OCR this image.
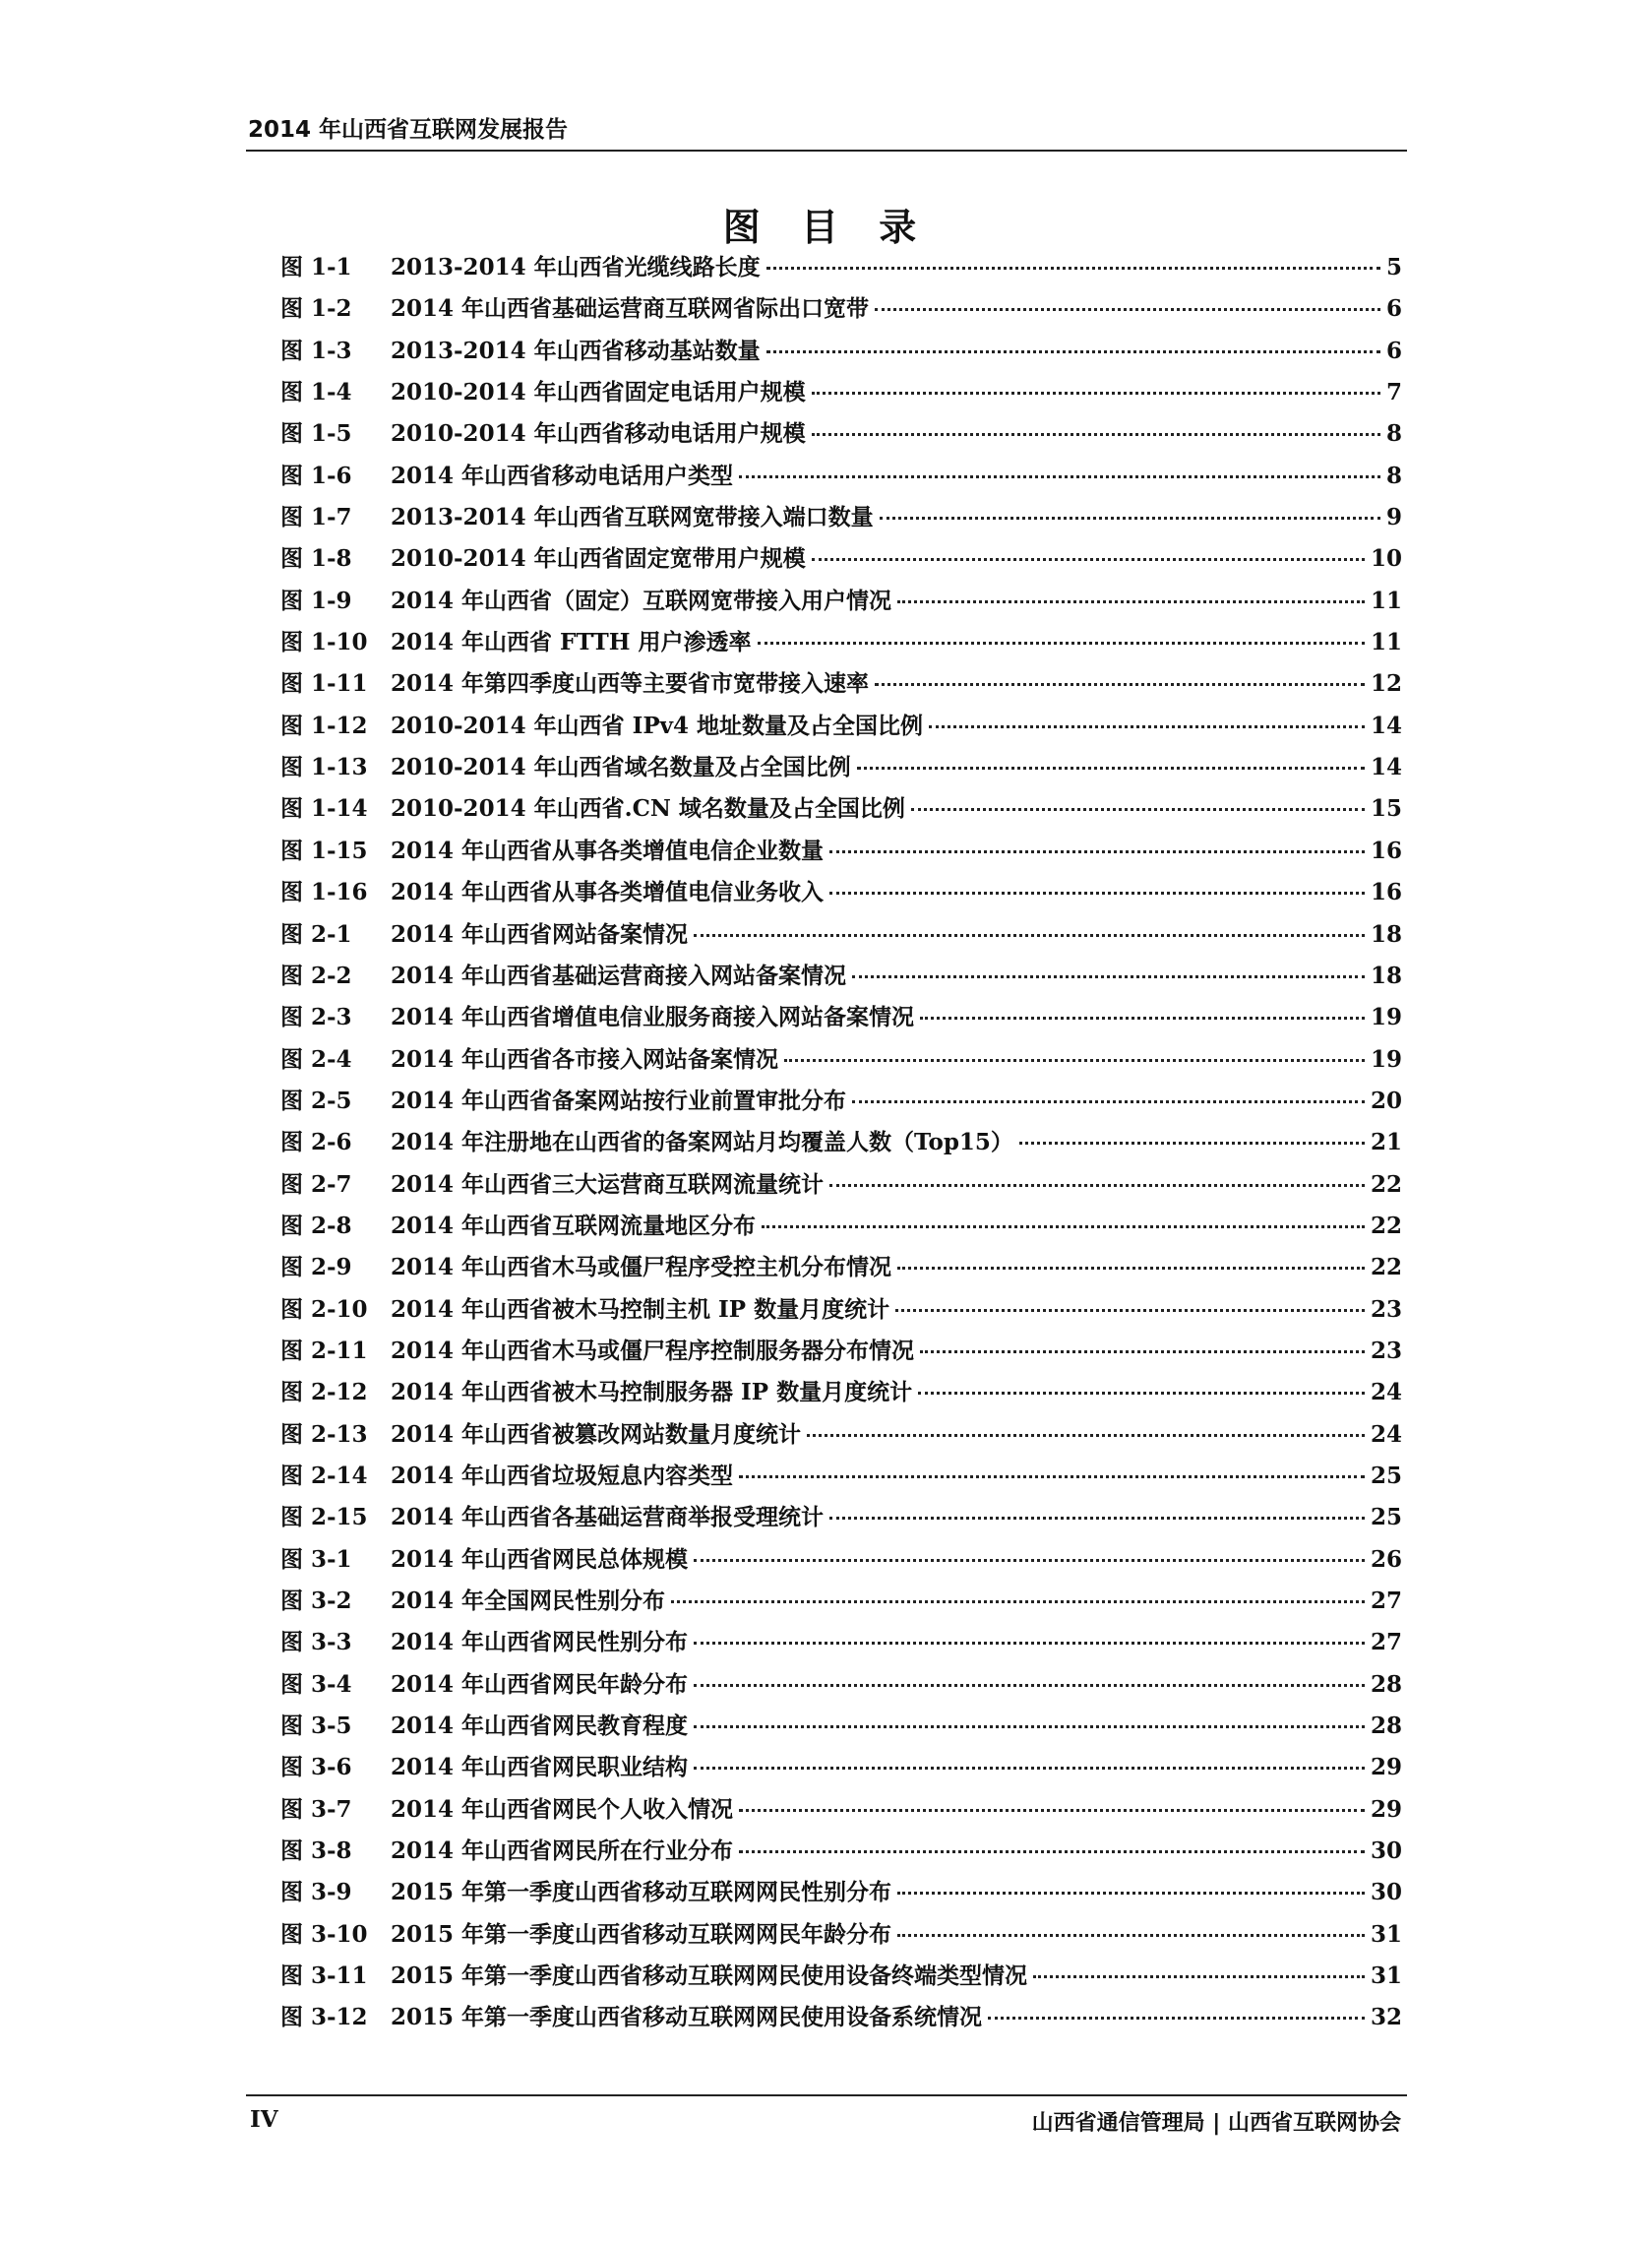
2014 年山西省互联网发展报告
图 目 录
图 1-1	2013-2014 年山西省光缆线路长度	5
图 1-2	2014 年山西省基础运营商互联网省际出口宽带	6
图 1-3	2013-2014 年山西省移动基站数量	6
图 1-4	2010-2014 年山西省固定电话用户规模	7
图 1-5	2010-2014 年山西省移动电话用户规模	8
图 1-6	2014 年山西省移动电话用户类型	8
图 1-7	2013-2014 年山西省互联网宽带接入端口数量	9
图 1-8	2010-2014 年山西省固定宽带用户规模	10
图 1-9	2014 年山西省（固定）互联网宽带接入用户情况	11
图 1-10	2014 年山西省 FTTH 用户渗透率	11
图 1-11	2014 年第四季度山西等主要省市宽带接入速率	12
图 1-12	2010-2014 年山西省 IPv4 地址数量及占全国比例	14
图 1-13	2010-2014 年山西省域名数量及占全国比例	14
图 1-14	2010-2014 年山西省.CN 域名数量及占全国比例	15
图 1-15	2014 年山西省从事各类增值电信企业数量	16
图 1-16	2014 年山西省从事各类增值电信业务收入	16
图 2-1	2014 年山西省网站备案情况	18
图 2-2	2014 年山西省基础运营商接入网站备案情况	18
图 2-3	2014 年山西省增值电信业服务商接入网站备案情况	19
图 2-4	2014 年山西省各市接入网站备案情况	19
图 2-5	2014 年山西省备案网站按行业前置审批分布	20
图 2-6	2014 年注册地在山西省的备案网站月均覆盖人数（Top15）	21
图 2-7	2014 年山西省三大运营商互联网流量统计	22
图 2-8	2014 年山西省互联网流量地区分布	22
图 2-9	2014 年山西省木马或僵尸程序受控主机分布情况	22
图 2-10	2014 年山西省被木马控制主机 IP 数量月度统计	23
图 2-11	2014 年山西省木马或僵尸程序控制服务器分布情况	23
图 2-12	2014 年山西省被木马控制服务器 IP 数量月度统计	24
图 2-13	2014 年山西省被篡改网站数量月度统计	24
图 2-14	2014 年山西省垃圾短息内容类型	25
图 2-15	2014 年山西省各基础运营商举报受理统计	25
图 3-1	2014 年山西省网民总体规模	26
图 3-2	2014 年全国网民性别分布	27
图 3-3	2014 年山西省网民性别分布	27
图 3-4	2014 年山西省网民年龄分布	28
图 3-5	2014 年山西省网民教育程度	28
图 3-6	2014 年山西省网民职业结构	29
图 3-7	2014 年山西省网民个人收入情况	29
图 3-8	2014 年山西省网民所在行业分布	30
图 3-9	2015 年第一季度山西省移动互联网网民性别分布	30
图 3-10	2015 年第一季度山西省移动互联网网民年龄分布	31
图 3-11	2015 年第一季度山西省移动互联网网民使用设备终端类型情况	31
图 3-12	2015 年第一季度山西省移动互联网网民使用设备系统情况	32
IV	山西省通信管理局 | 山西省互联网协会
